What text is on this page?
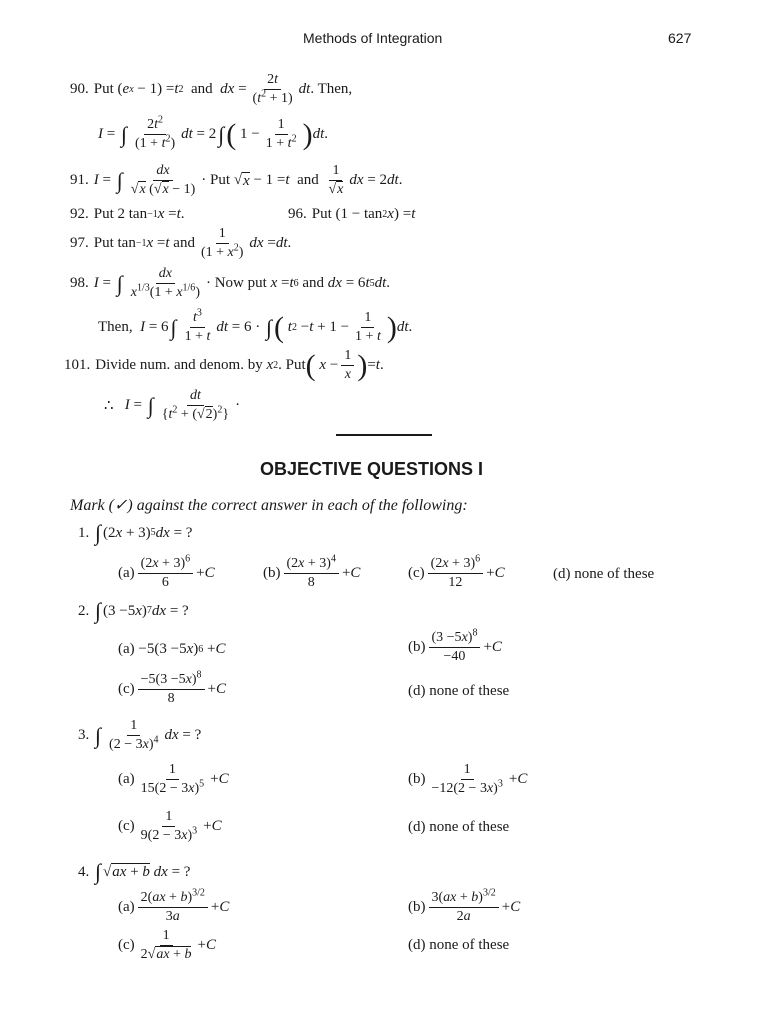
Methods of Integration	627
90. Put ( e x − 1) = t 2
and
dx = $\frac{2t}{(t^2 + 1)}$ dt . Then,
I = ∫ $\frac{2t^2}{(1 + t^2)}$ dt = 2 ∫ ( $1 - \frac{1}{1 + t^2}$ ) dt .
91. I = ∫ $\frac{dx}{√x (√x - 1)}$ · Put √ x − 1 = t
and
$\frac{1}{√x}$ dx = 2 dt .
92. Put 2 tan −1 x = t .	96. Put (1 − tan 2 x ) = t
97. Put tan −1 x = t
and $\frac{1}{(1 + x^2)}$ dx = dt .
98. I = ∫ $\frac{dx}{x^{1/3}(1 + x^{1/6})}$ · Now put
x = t 6
and
dx = 6 t 5 dt .
Then,
I = 6 ∫ $\frac{t^3}{1 + t}$ dt = 6 · ∫ (
t $2 - t + 1 - \frac{1}{1 + t}$ ) dt .
101. Divide num. and denom. by
x 2 . Put (
$x - \frac{1}{x}$ ) = t .
∴
I = ∫ $\frac{dt}{\{t^2 + (√2)^2\}}$ ·
OBJECTIVE QUESTIONS I
Mark (✓) against the correct answer in each of the following:
1.
∫ (2 x + 3) 5 dx = ?
$(a) \frac{(2x + 3)^6}{6} + C$	$(b) \frac{(2x + 3)^4}{8} + C$	$(c) \frac{(2x + 3)^6}{12} + C$	(d) none of these
2.
∫ (3 −5 x ) 7 dx = ?
(a) −5(3 −5 x ) 6 + C	$(b) \frac{(3 -5x)^8}{-40} + C$
$(c) \frac{-5(3 -5x)^8}{8} + C$	(d) none of these
3.
∫ $\frac{1}{(2 - 3x)^4}$ dx = ?
$(a) \frac{1}{15(2 - 3x)^5} + C$	$(b) \frac{1}{-12(2 - 3x)^3} + C$
$(c) \frac{1}{9(2 - 3x)^3} + C$	(d) none of these
4.
∫ √ ax + b
dx = ?
$(a) \frac{2(ax + b)^{3/2}}{3a} + C$	$(b) \frac{3(ax + b)^{3/2}}{2a} + C$
$(c) \frac{1}{2√ax + b} + C$	(d) none of these
